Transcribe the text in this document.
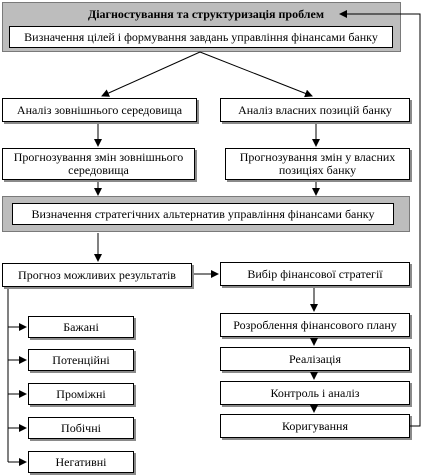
Діагностування та структуризація проблем
Визначення цілей і формування завдань управління фінансами банку
Аналіз зовнішнього середовища	Аналіз власних позицій банку
Прогнозування змін зовнішнього середовища
Прогнозування змін у власних позиціях банку
Визначення стратегічних альтернатив управління фінансами банку
Прогноз можливих результатів	Вибір фінансової стратегії
Розроблення фінансового плану
Реалізація
Контроль і аналіз
Коригування
Бажані
Потенційні
Проміжні
Побічні
Негативні
